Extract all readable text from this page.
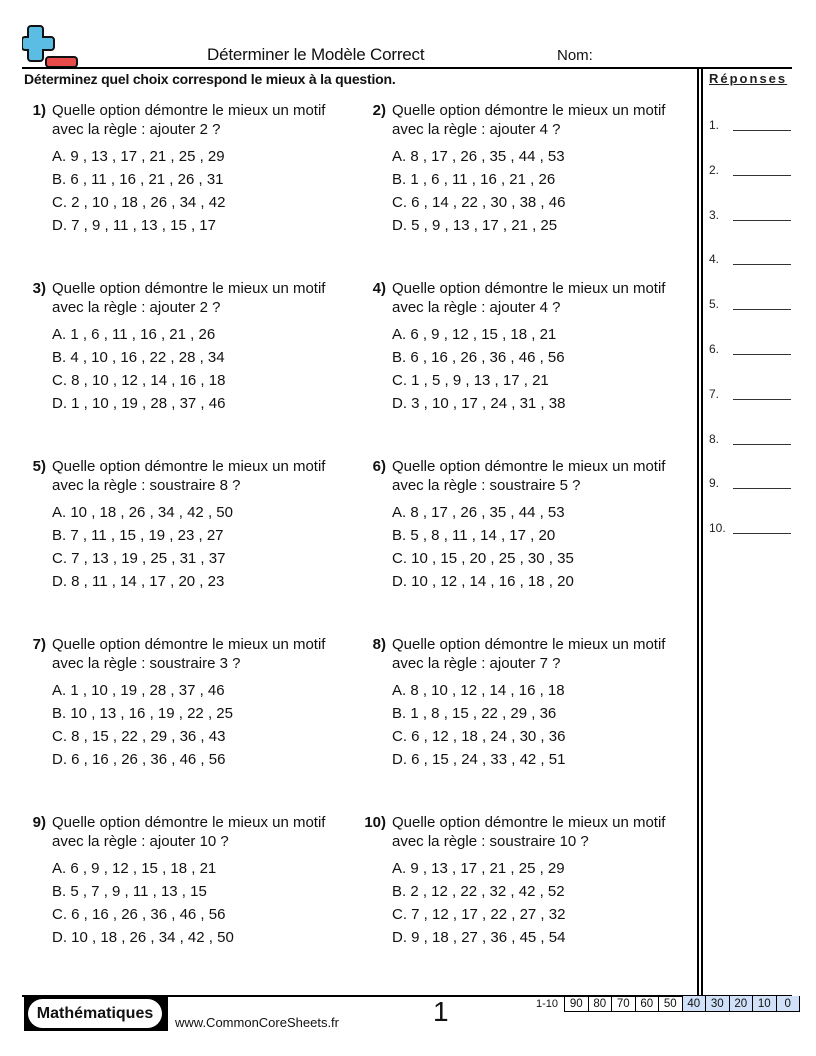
Déterminer le Modèle Correct	Nom:
Déterminez quel choix correspond le mieux à la question.	Réponses
1.
2.
3.
4.
5.
6.
7.
8.
9.
10.
1) Quelle option démontre le mieux un motif avec la règle : ajouter 2 ?
A. 9 , 13 , 17 , 21 , 25 , 29
B. 6 , 11 , 16 , 21 , 26 , 31
C. 2 , 10 , 18 , 26 , 34 , 42
D. 7 , 9 , 11 , 13 , 15 , 17
2) Quelle option démontre le mieux un motif avec la règle : ajouter 4 ?
A. 8 , 17 , 26 , 35 , 44 , 53
B. 1 , 6 , 11 , 16 , 21 , 26
C. 6 , 14 , 22 , 30 , 38 , 46
D. 5 , 9 , 13 , 17 , 21 , 25
3) Quelle option démontre le mieux un motif avec la règle : ajouter 2 ?
A. 1 , 6 , 11 , 16 , 21 , 26
B. 4 , 10 , 16 , 22 , 28 , 34
C. 8 , 10 , 12 , 14 , 16 , 18
D. 1 , 10 , 19 , 28 , 37 , 46
4) Quelle option démontre le mieux un motif avec la règle : ajouter 4 ?
A. 6 , 9 , 12 , 15 , 18 , 21
B. 6 , 16 , 26 , 36 , 46 , 56
C. 1 , 5 , 9 , 13 , 17 , 21
D. 3 , 10 , 17 , 24 , 31 , 38
5) Quelle option démontre le mieux un motif avec la règle : soustraire 8 ?
A. 10 , 18 , 26 , 34 , 42 , 50
B. 7 , 11 , 15 , 19 , 23 , 27
C. 7 , 13 , 19 , 25 , 31 , 37
D. 8 , 11 , 14 , 17 , 20 , 23
6) Quelle option démontre le mieux un motif avec la règle : soustraire 5 ?
A. 8 , 17 , 26 , 35 , 44 , 53
B. 5 , 8 , 11 , 14 , 17 , 20
C. 10 , 15 , 20 , 25 , 30 , 35
D. 10 , 12 , 14 , 16 , 18 , 20
7) Quelle option démontre le mieux un motif avec la règle : soustraire 3 ?
A. 1 , 10 , 19 , 28 , 37 , 46
B. 10 , 13 , 16 , 19 , 22 , 25
C. 8 , 15 , 22 , 29 , 36 , 43
D. 6 , 16 , 26 , 36 , 46 , 56
8) Quelle option démontre le mieux un motif avec la règle : ajouter 7 ?
A. 8 , 10 , 12 , 14 , 16 , 18
B. 1 , 8 , 15 , 22 , 29 , 36
C. 6 , 12 , 18 , 24 , 30 , 36
D. 6 , 15 , 24 , 33 , 42 , 51
9) Quelle option démontre le mieux un motif avec la règle : ajouter 10 ?
A. 6 , 9 , 12 , 15 , 18 , 21
B. 5 , 7 , 9 , 11 , 13 , 15
C. 6 , 16 , 26 , 36 , 46 , 56
D. 10 , 18 , 26 , 34 , 42 , 50
10) Quelle option démontre le mieux un motif avec la règle : soustraire 10 ?
A. 9 , 13 , 17 , 21 , 25 , 29
B. 2 , 12 , 22 , 32 , 42 , 52
C. 7 , 12 , 17 , 22 , 27 , 32
D. 9 , 18 , 27 , 36 , 45 , 54
Mathématiques
www.CommonCoreSheets.fr	1	1-10	90 80 70 60 50 40 30 20 10	0
